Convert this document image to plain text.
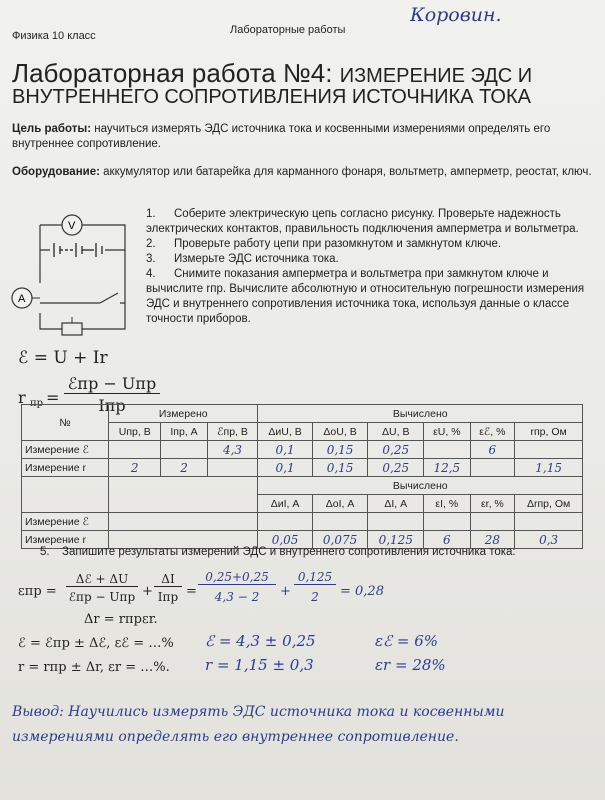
Физика 10 класс	Лабораторные работы
Коровин.
Лабораторная работа №4: ИЗМЕРЕНИЕ ЭДС И
ВНУТРЕННЕГО СОПРОТИВЛЕНИЯ ИСТОЧНИКА ТОКА
Цель работы: научиться измерять ЭДС источника тока и косвенными измерениями определять его внутреннее сопротивление.
Оборудование: аккумулятор или батарейка для карманного фонаря, вольтметр, амперметр, реостат, ключ.
V
A
1. Соберите электрическую цепь согласно рисунку. Проверьте надежность электрических контактов, правильность подключения амперметра и вольтметра.
2. Проверьте работу цепи при разомкнутом и замкнутом ключе.
3. Измерьте ЭДС источника тока.
4. Снимите показания амперметра и вольтметра при замкнутом ключе и вычислите rпр. Вычислите абсолютную и относительную погрешности измерения ЭДС и внутреннего сопротивления источника тока, используя данные о классе точности приборов.
ℰ = U + Ir
r пр =
ℰпр − Uпр
Iпр
№	Измерено			Вычислено					
	Uпр, В	Iпр, А	ℰпр, В	ΔиU, В	ΔоU, В	ΔU, В	εU, %	εℰ, %	rпр, Ом
Измерение ℰ			4,3	0,1	0,15	0,25		6	
Измерение r	2	2		0,1	0,15	0,25	12,5		1,15
				Вычислено					
				ΔиI, А	ΔоI, А	ΔI, А	εI, %	εr, %	Δrпр, Ом
Измерение ℰ									
Измерение r				0,05	0,075	0,125	6	28	0,3
5. Запишите результаты измерений ЭДС и внутреннего сопротивления источника тока:
εпр =
Δℰ + ΔU
ℰпр − Uпр +
ΔI
Iпр =
0,25+0,25
4,3 − 2	+
0,125
2	= 0,28
Δr = rпрεr.
ℰ = ℰпр ± Δℰ, εℰ = …% ℰ = 4,3 ± 0,25	εℰ = 6%
r = rпр ± Δr, εr = …%. r = 1,15 ± 0,3	εr = 28%
Вывод: Научились измерять ЭДС источника тока и косвенными измерениями определять его внутреннее сопротивление.
